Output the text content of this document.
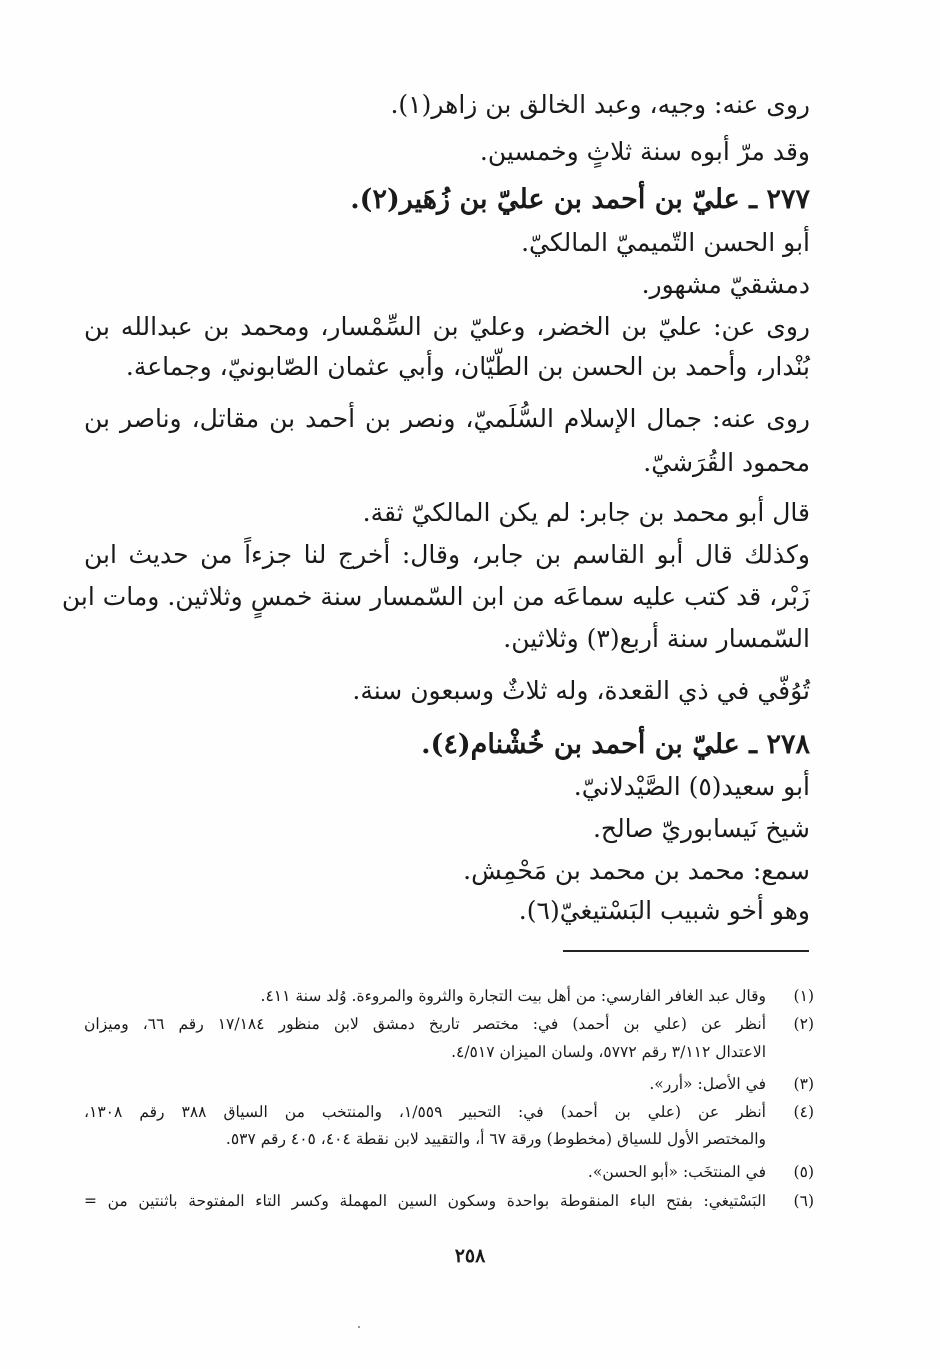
روى عنه: وجيه، وعبد الخالق بن زاهر(١).
وقد مرّ أبوه سنة ثلاثٍ وخمسين.
٢٧٧ ـ عليّ بن أحمد بن عليّ بن زُهَير(٢).
أبو الحسن التّميميّ المالكيّ.
دمشقيّ مشهور.
روى عن: عليّ بن الخضر، وعليّ بن السِّمْسار، ومحمد بن عبدالله بن
بُنْدار، وأحمد بن الحسن بن الطّيّان، وأبي عثمان الصّابونيّ، وجماعة.
روى عنه: جمال الإسلام السُّلَميّ، ونصر بن أحمد بن مقاتل، وناصر بن
محمود القُرَشيّ.
قال أبو محمد بن جابر: لم يكن المالكيّ ثقة.
وكذلك قال أبو القاسم بن جابر، وقال: أخرج لنا جزءاً من حديث ابن
زَبْر، قد كتب عليه سماعَه من ابن السّمسار سنة خمسٍ وثلاثين. ومات ابن
السّمسار سنة أربع(٣) وثلاثين.
تُوُفّي في ذي القعدة، وله ثلاثٌ وسبعون سنة.
٢٧٨ ـ عليّ بن أحمد بن خُشْنام(٤).
أبو سعيد(٥) الصَّيْدلانيّ.
شيخ نَيسابوريّ صالح.
سمع: محمد بن محمد بن مَحْمِش.
وهو أخو شبيب البَسْتيغيّ(٦).
(١)
وقال عبد الغافر الفارسي: من أهل بيت التجارة والثروة والمروءة. وُلد سنة ٤١١.
(٢)
أنظر عن (علي بن أحمد) في: مختصر تاريخ دمشق لابن منظور ١٧/١٨٤ رقم ٦٦، وميزان
الاعتدال ٣/١١٢ رقم ٥٧٧٢، ولسان الميزان ٤/٥١٧.
(٣)
في الأصل: «أرر».
(٤)
أنظر عن (علي بن أحمد) في: التحبير ١/٥٥٩، والمنتخب من السياق ٣٨٨ رقم ١٣٠٨،
والمختصر الأول للسياق (مخطوط) ورقة ٦٧ أ، والتقييد لابن نقطة ٤٠٤، ٤٠٥ رقم ٥٣٧.
(٥)
في المنتخَب: «أبو الحسن».
(٦)
البَسْتيغي: بفتح الباء المنقوطة بواحدة وسكون السين المهملة وكسر التاء المفتوحة باثنتين من =
٢٥٨
